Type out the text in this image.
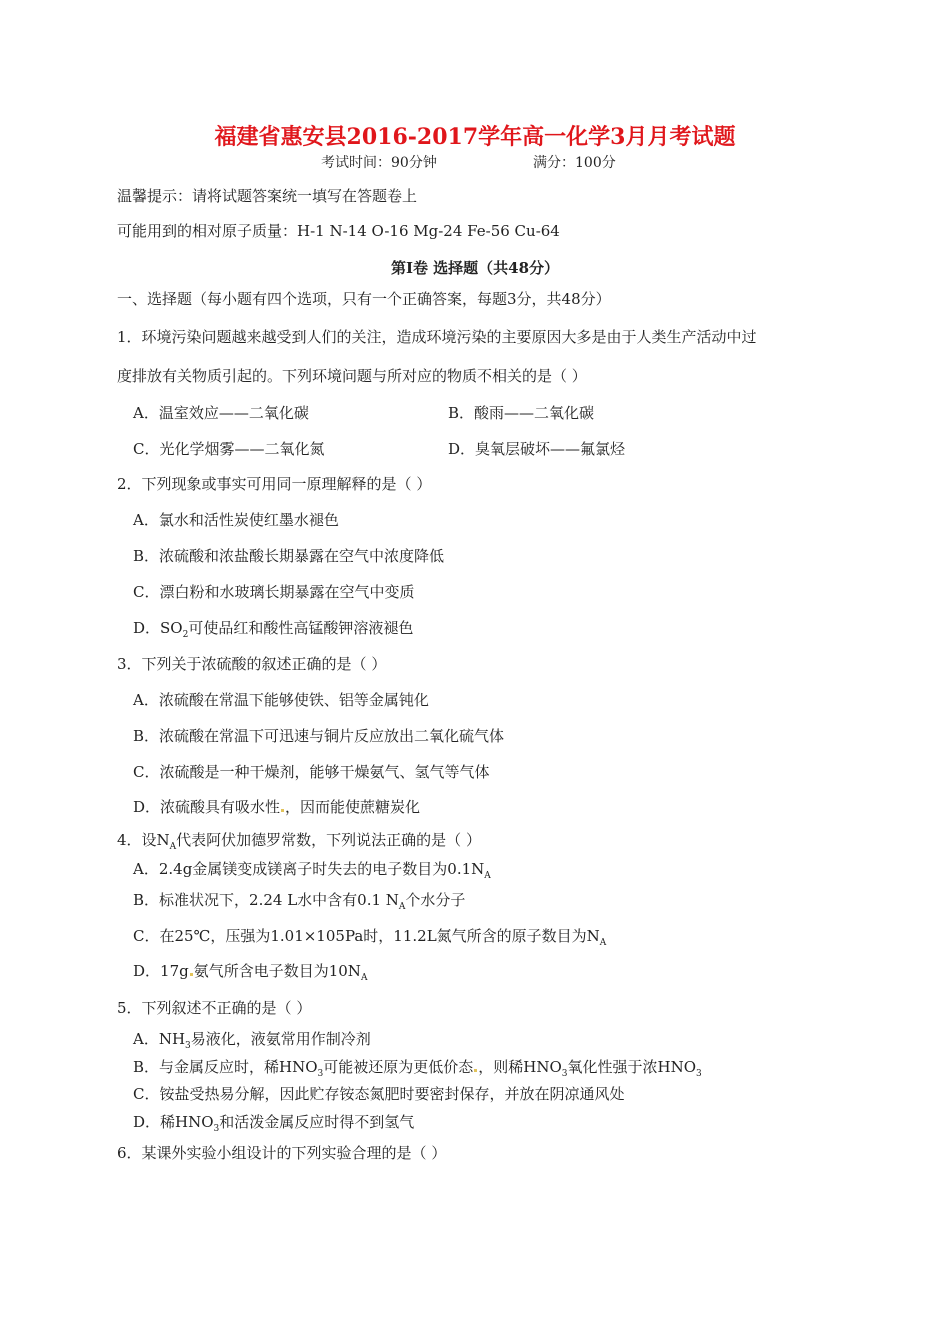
福建省惠安县2016-2017学年高一化学3月月考试题
考试时间：90分钟	满分：100分
温馨提示：请将试题答案统一填写在答题卷上
可能用到的相对原子质量：H-1 N-14 O-16 Mg-24 Fe-56 Cu-64
第Ⅰ卷 选择题（共48分）
一、选择题（每小题有四个选项，只有一个正确答案，每题3分，共48分）
1．环境污染问题越来越受到人们的关注，造成环境污染的主要原因大多是由于人类生产活动中过
度排放有关物质引起的。下列环境问题与所对应的物质不相关的是（ ）
A．温室效应——二氧化碳	B．酸雨——二氧化碳
C．光化学烟雾——二氧化氮	D．臭氧层破坏——氟氯烃
2．下列现象或事实可用同一原理解释的是（ ）
A．氯水和活性炭使红墨水褪色
B．浓硫酸和浓盐酸长期暴露在空气中浓度降低
C．漂白粉和水玻璃长期暴露在空气中变质
D．$SO_2$可使品红和酸性高锰酸钾溶液褪色
3．下列关于浓硫酸的叙述正确的是（ ）
A．浓硫酸在常温下能够使铁、铝等金属钝化
B．浓硫酸在常温下可迅速与铜片反应放出二氧化硫气体
C．浓硫酸是一种干燥剂，能够干燥氨气、氢气等气体
D．浓硫酸具有吸水性 ，因而能使蔗糖炭化
4．设$N_A$代表阿伏加德罗常数，下列说法正确的是（ ）
A．2.4g金属镁变成镁离子时失去的电子数目为$0.1N_A$
B．标准状况下，2.24 L水中含有0.1 $N_A$个水分子
C．在25℃，压强为1.01×105Pa时，11.2L氮气所含的原子数目为$N_A$
D．17g 氨气所含电子数目为$10N_A$
5．下列叙述不正确的是（ ）
A．$NH_3$易液化，液氨常用作制冷剂
B．与金属反应时，稀$HNO_3$可能被还原为更低价态 ，则稀$HNO_3$氧化性强于浓$HNO_3$
C．铵盐受热易分解，因此贮存铵态氮肥时要密封保存，并放在阴凉通风处
D．稀$HNO_3$和活泼金属反应时得不到氢气
6．某课外实验小组设计的下列实验合理的是（ ）
